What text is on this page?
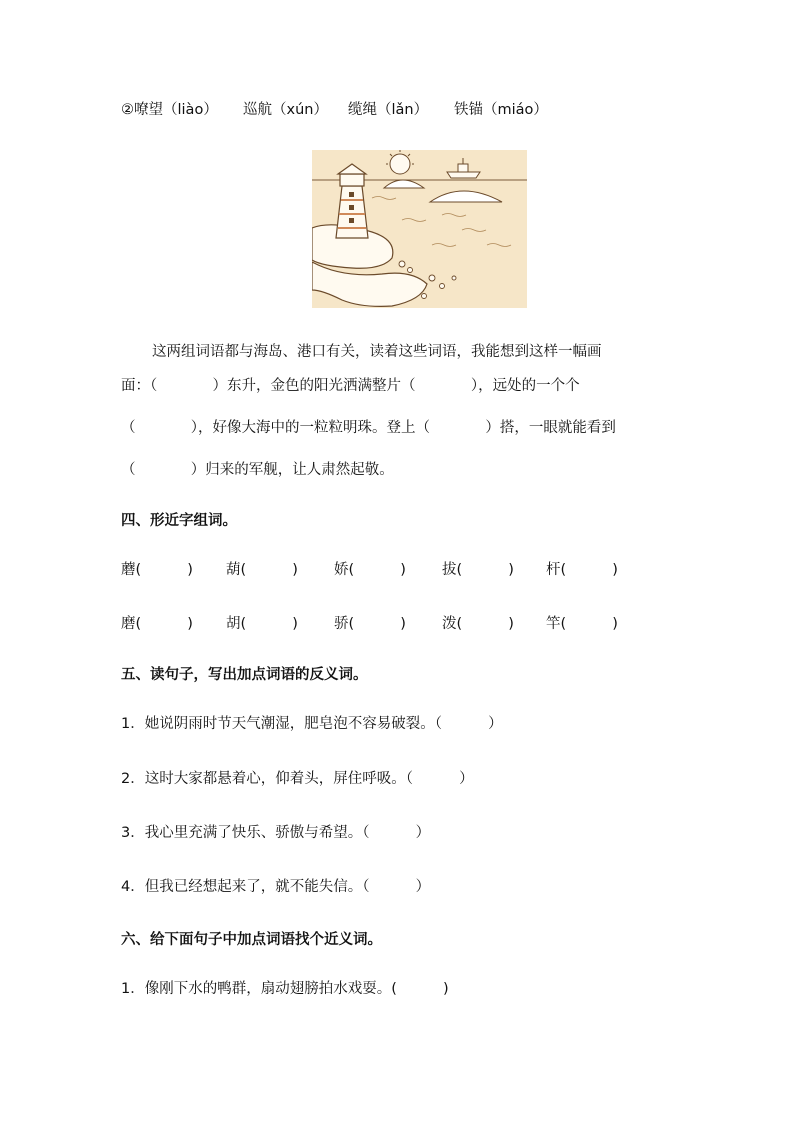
②嘹望（liào） 巡航（xún） 缆绳（lǎn） 铁锚（miáo）
这两组词语都与海岛、港口有关，读着这些词语，我能想到这样一幅画
面：（            ）东升，金色的阳光洒满整片（            ），远处的一个个
（            ），好像大海中的一粒粒明珠。登上（            ）搭，一眼就能看到
（            ）归来的军舰，让人肃然起敬。
四、形近字组词。
蘑(          ) 葫(          ) 娇(          ) 拔(          ) 杆(          )
磨(          ) 胡(          ) 骄(          ) 泼(          ) 竿(          )
五、读句子，写出加点词语的反义词。
1．她说阴雨时节天气潮湿，肥皂泡不容易破裂。（          ）
2．这时大家都悬着心，仰着头，屏住呼吸。（          ）
3．我心里充满了快乐、骄傲与希望。（          ）
4．但我已经想起来了，就不能失信。（          ）
六、给下面句子中加点词语找个近义词。
1．像刚下水的鸭群，扇动翅膀拍水戏耍。(          )
